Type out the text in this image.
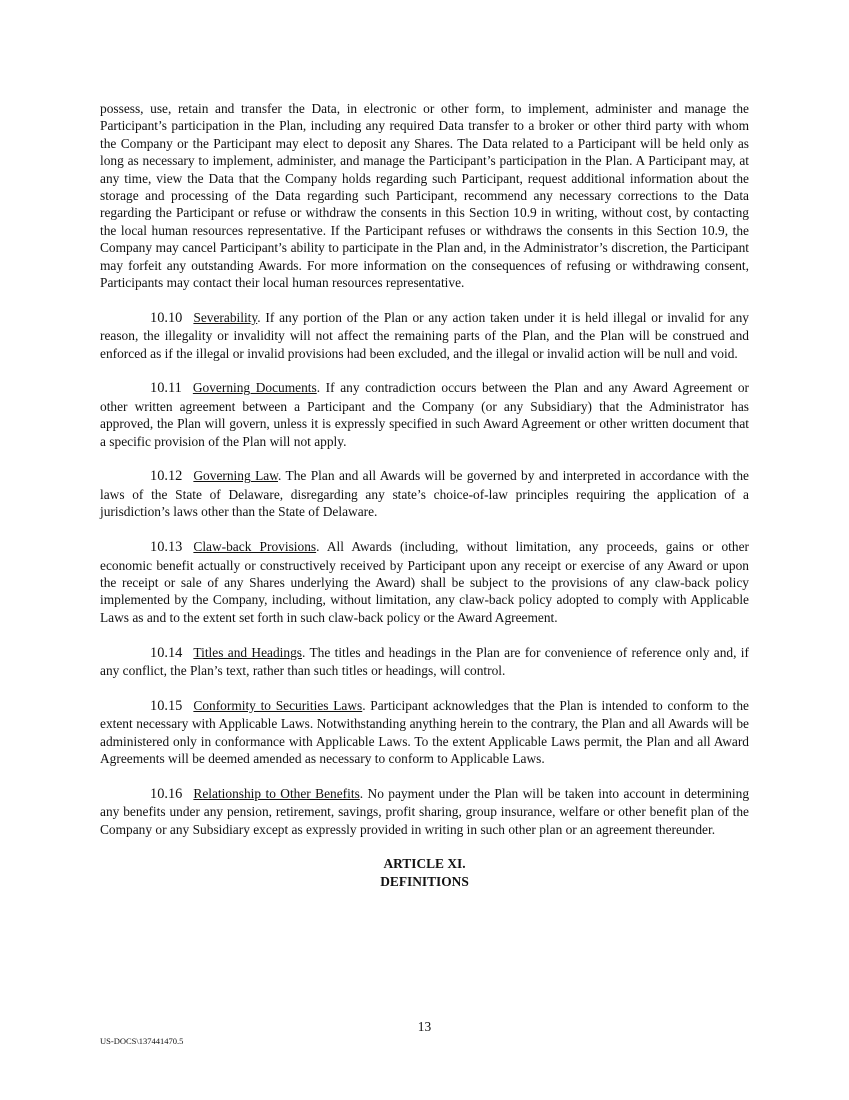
possess, use, retain and transfer the Data, in electronic or other form, to implement, administer and manage the Participant’s participation in the Plan, including any required Data transfer to a broker or other third party with whom the Company or the Participant may elect to deposit any Shares. The Data related to a Participant will be held only as long as necessary to implement, administer, and manage the Participant’s participation in the Plan. A Participant may, at any time, view the Data that the Company holds regarding such Participant, request additional information about the storage and processing of the Data regarding such Participant, recommend any necessary corrections to the Data regarding the Participant or refuse or withdraw the consents in this Section 10.9 in writing, without cost, by contacting the local human resources representative. If the Participant refuses or withdraws the consents in this Section 10.9, the Company may cancel Participant’s ability to participate in the Plan and, in the Administrator’s discretion, the Participant may forfeit any outstanding Awards. For more information on the consequences of refusing or withdrawing consent, Participants may contact their local human resources representative.

10.10 Severability. If any portion of the Plan or any action taken under it is held illegal or invalid for any reason, the illegality or invalidity will not affect the remaining parts of the Plan, and the Plan will be construed and enforced as if the illegal or invalid provisions had been excluded, and the illegal or invalid action will be null and void.

10.11 Governing Documents. If any contradiction occurs between the Plan and any Award Agreement or other written agreement between a Participant and the Company (or any Subsidiary) that the Administrator has approved, the Plan will govern, unless it is expressly specified in such Award Agreement or other written document that a specific provision of the Plan will not apply.

10.12 Governing Law. The Plan and all Awards will be governed by and interpreted in accordance with the laws of the State of Delaware, disregarding any state’s choice-of-law principles requiring the application of a jurisdiction’s laws other than the State of Delaware.

10.13 Claw-back Provisions. All Awards (including, without limitation, any proceeds, gains or other economic benefit actually or constructively received by Participant upon any receipt or exercise of any Award or upon the receipt or sale of any Shares underlying the Award) shall be subject to the provisions of any claw-back policy implemented by the Company, including, without limitation, any claw-back policy adopted to comply with Applicable Laws as and to the extent set forth in such claw-back policy or the Award Agreement.

10.14 Titles and Headings. The titles and headings in the Plan are for convenience of reference only and, if any conflict, the Plan’s text, rather than such titles or headings, will control.

10.15 Conformity to Securities Laws. Participant acknowledges that the Plan is intended to conform to the extent necessary with Applicable Laws. Notwithstanding anything herein to the contrary, the Plan and all Awards will be administered only in conformance with Applicable Laws. To the extent Applicable Laws permit, the Plan and all Award Agreements will be deemed amended as necessary to conform to Applicable Laws.

10.16 Relationship to Other Benefits. No payment under the Plan will be taken into account in determining any benefits under any pension, retirement, savings, profit sharing, group insurance, welfare or other benefit plan of the Company or any Subsidiary except as expressly provided in writing in such other plan or an agreement thereunder.

ARTICLE XI.
DEFINITIONS
13
US-DOCS\137441470.5
